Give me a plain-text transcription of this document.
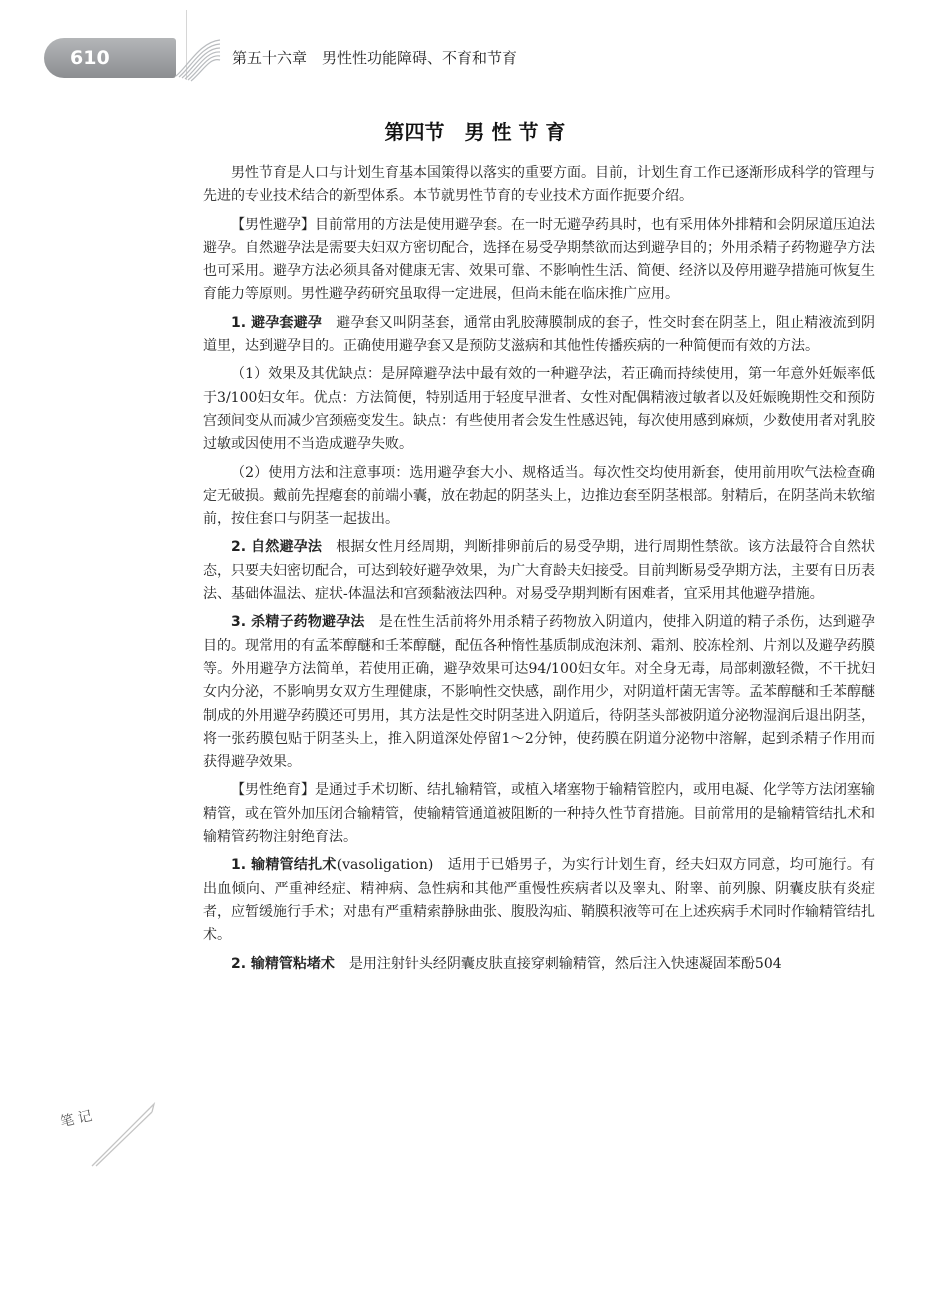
610	第五十六章　男性性功能障碍、不育和节育
第四节　男 性 节 育

男性节育是人口与计划生育基本国策得以落实的重要方面。目前，计划生育工作已逐渐形成科学的管理与先进的专业技术结合的新型体系。本节就男性节育的专业技术方面作扼要介绍。

【男性避孕】目前常用的方法是使用避孕套。在一时无避孕药具时，也有采用体外排精和会阴尿道压迫法避孕。自然避孕法是需要夫妇双方密切配合，选择在易受孕期禁欲而达到避孕目的；外用杀精子药物避孕方法也可采用。避孕方法必须具备对健康无害、效果可靠、不影响性生活、简便、经济以及停用避孕措施可恢复生育能力等原则。男性避孕药研究虽取得一定进展，但尚未能在临床推广应用。

1. 避孕套避孕　避孕套又叫阴茎套，通常由乳胶薄膜制成的套子，性交时套在阴茎上，阻止精液流到阴道里，达到避孕目的。正确使用避孕套又是预防艾滋病和其他性传播疾病的一种简便而有效的方法。

（1）效果及其优缺点：是屏障避孕法中最有效的一种避孕法，若正确而持续使用，第一年意外妊娠率低于3/100妇女年。优点：方法简便，特别适用于轻度早泄者、女性对配偶精液过敏者以及妊娠晚期性交和预防宫颈间变从而减少宫颈癌变发生。缺点：有些使用者会发生性感迟钝，每次使用感到麻烦，少数使用者对乳胶过敏或因使用不当造成避孕失败。

（2）使用方法和注意事项：选用避孕套大小、规格适当。每次性交均使用新套，使用前用吹气法检查确定无破损。戴前先捏瘪套的前端小囊，放在勃起的阴茎头上，边推边套至阴茎根部。射精后，在阴茎尚未软缩前，按住套口与阴茎一起拔出。

2. 自然避孕法　根据女性月经周期，判断排卵前后的易受孕期，进行周期性禁欲。该方法最符合自然状态，只要夫妇密切配合，可达到较好避孕效果，为广大育龄夫妇接受。目前判断易受孕期方法，主要有日历表法、基础体温法、症状-体温法和宫颈黏液法四种。对易受孕期判断有困难者，宜采用其他避孕措施。

3. 杀精子药物避孕法　是在性生活前将外用杀精子药物放入阴道内，使排入阴道的精子杀伤，达到避孕目的。现常用的有孟苯醇醚和壬苯醇醚，配伍各种惰性基质制成泡沫剂、霜剂、胶冻栓剂、片剂以及避孕药膜等。外用避孕方法简单，若使用正确，避孕效果可达94/100妇女年。对全身无毒，局部刺激轻微，不干扰妇女内分泌，不影响男女双方生理健康，不影响性交快感，副作用少，对阴道杆菌无害等。孟苯醇醚和壬苯醇醚制成的外用避孕药膜还可男用，其方法是性交时阴茎进入阴道后，待阴茎头部被阴道分泌物湿润后退出阴茎，将一张药膜包贴于阴茎头上，推入阴道深处停留1～2分钟，使药膜在阴道分泌物中溶解，起到杀精子作用而获得避孕效果。

【男性绝育】是通过手术切断、结扎输精管，或植入堵塞物于输精管腔内，或用电凝、化学等方法闭塞输精管，或在管外加压闭合输精管，使输精管通道被阻断的一种持久性节育措施。目前常用的是输精管结扎术和输精管药物注射绝育法。

1. 输精管结扎术(vasoligation)　适用于已婚男子，为实行计划生育，经夫妇双方同意，均可施行。有出血倾向、严重神经症、精神病、急性病和其他严重慢性疾病者以及睾丸、附睾、前列腺、阴囊皮肤有炎症者，应暂缓施行手术；对患有严重精索静脉曲张、腹股沟疝、鞘膜积液等可在上述疾病手术同时作输精管结扎术。

2. 输精管粘堵术　是用注射针头经阴囊皮肤直接穿刺输精管，然后注入快速凝固苯酚504

笔记
